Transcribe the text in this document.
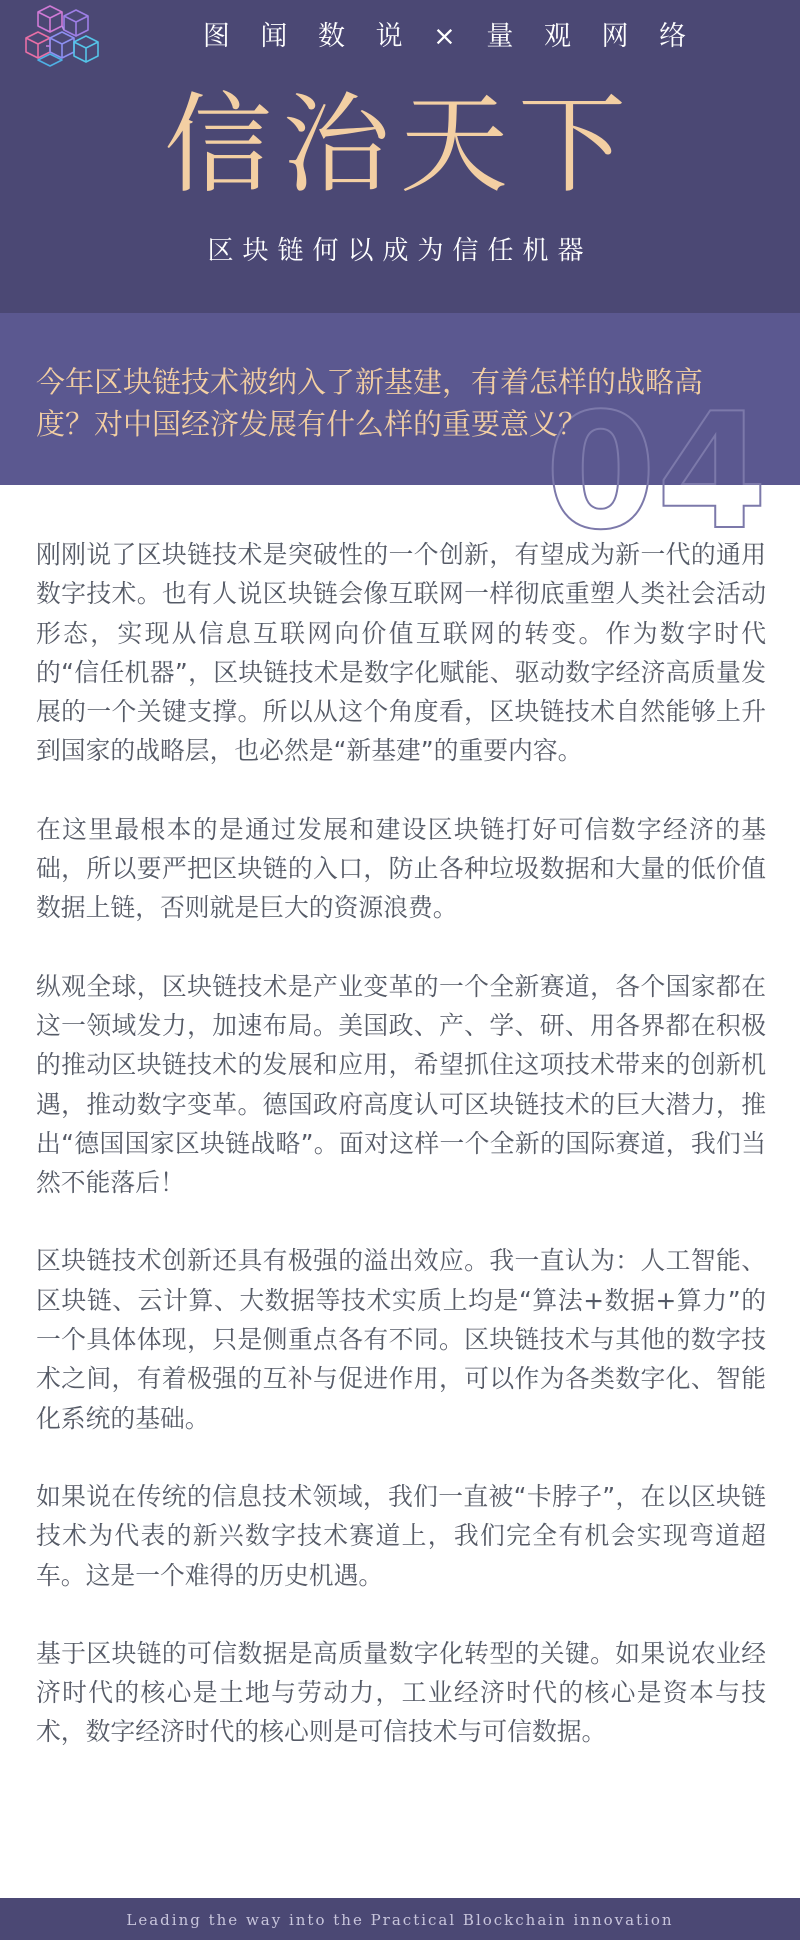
图 闻 数 说 × 量 观 网 络
信治天下
区块链何以成为信任机器
04
今年区块链技术被纳入了新基建，有着怎样的战略高度？对中国经济发展有什么样的重要意义？

刚刚说了区块链技术是突破性的一个创新，有望成为新一代的通用数字技术。也有人说区块链会像互联网一样彻底重塑人类社会活动形态，实现从信息互联网向价值互联网的转变。作为数字时代的“信任机器”，区块链技术是数字化赋能、驱动数字经济高质量发展的一个关键支撑。所以从这个角度看，区块链技术自然能够上升到国家的战略层，也必然是“新基建”的重要内容。

在这里最根本的是通过发展和建设区块链打好可信数字经济的基础，所以要严把区块链的入口，防止各种垃圾数据和大量的低价值数据上链，否则就是巨大的资源浪费。

纵观全球，区块链技术是产业变革的一个全新赛道，各个国家都在这一领域发力，加速布局。美国政、产、学、研、用各界都在积极的推动区块链技术的发展和应用，希望抓住这项技术带来的创新机遇，推动数字变革。德国政府高度认可区块链技术的巨大潜力，推出“德国国家区块链战略”。面对这样一个全新的国际赛道，我们当然不能落后！

区块链技术创新还具有极强的溢出效应。我一直认为：人工智能、区块链、云计算、大数据等技术实质上均是“算法+数据+算力”的一个具体体现，只是侧重点各有不同。区块链技术与其他的数字技术之间，有着极强的互补与促进作用，可以作为各类数字化、智能化系统的基础。

如果说在传统的信息技术领域，我们一直被“卡脖子”，在以区块链技术为代表的新兴数字技术赛道上，我们完全有机会实现弯道超车。这是一个难得的历史机遇。

基于区块链的可信数据是高质量数字化转型的关键。如果说农业经济时代的核心是土地与劳动力，工业经济时代的核心是资本与技术，数字经济时代的核心则是可信技术与可信数据。

Leading the way into the Practical Blockchain innovation
